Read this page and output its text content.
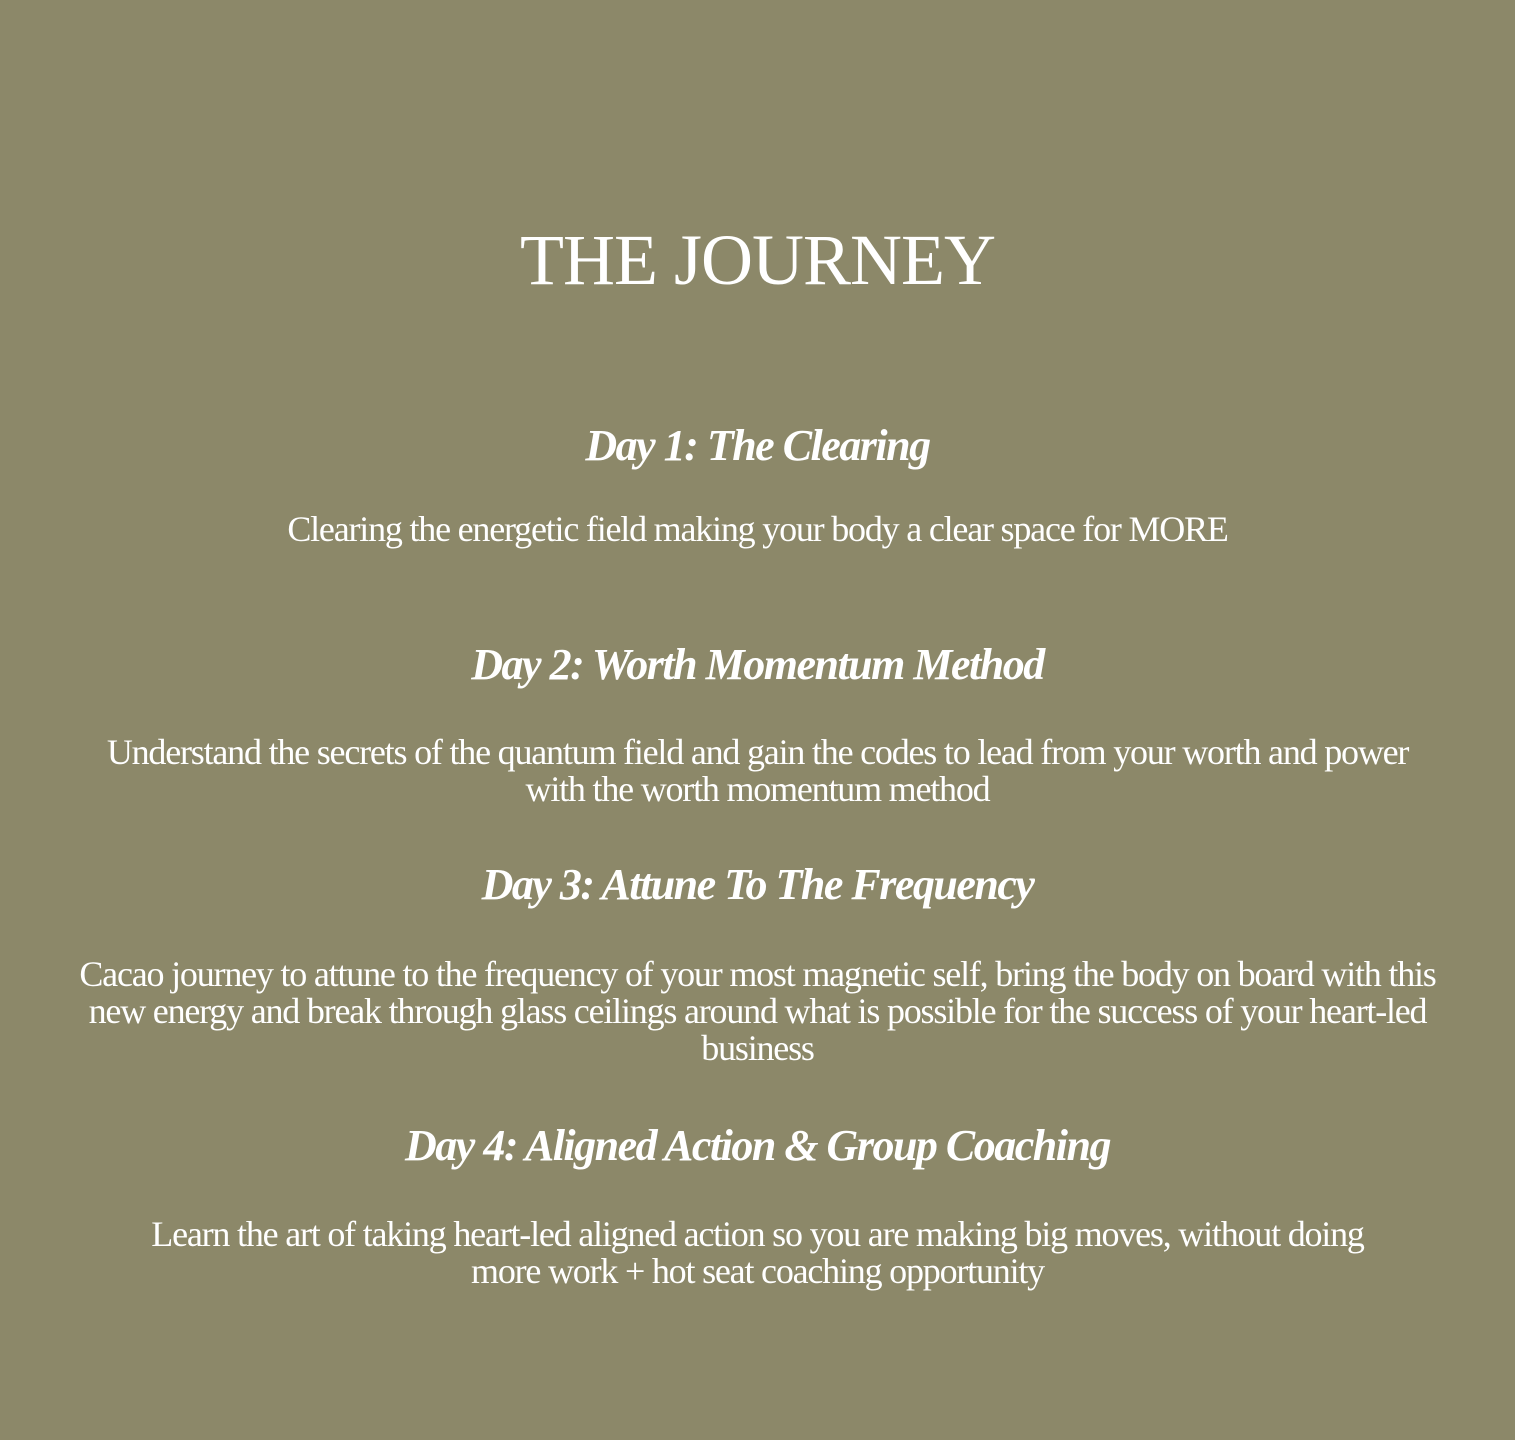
THE JOURNEY
Day 1: The Clearing

Clearing the energetic field making your body a clear space for MORE

Day 2: Worth Momentum Method

Understand the secrets of the quantum field and gain the codes to lead from your worth and power with the worth momentum method

Day 3: Attune To The Frequency

Cacao journey to attune to the frequency of your most magnetic self, bring the body on board with this new energy and break through glass ceilings around what is possible for the success of your heart-led business

Day 4: Aligned Action & Group Coaching

Learn the art of taking heart-led aligned action so you are making big moves, without doing more work + hot seat coaching opportunity
